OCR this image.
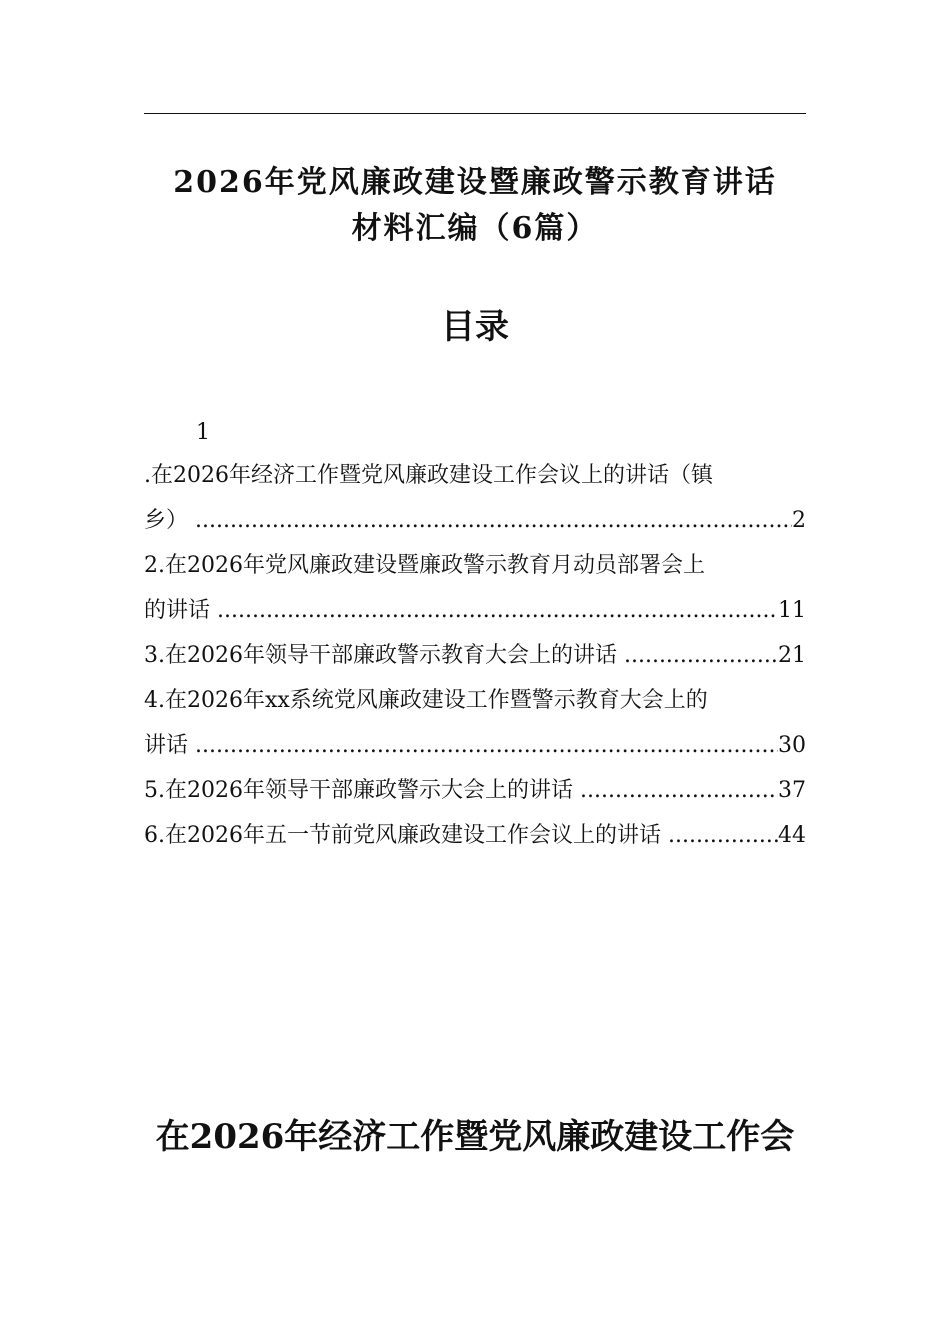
2026年党风廉政建设暨廉政警示教育讲话
材料汇编（6篇）
目录
1
.在2026年经济工作暨党风廉政建设工作会议上的讲话（镇
乡） .....	2
2.在2026年党风廉政建设暨廉政警示教育月动员部署会上
的讲话 .....	11
3.在2026年领导干部廉政警示教育大会上的讲话 .....	21
4.在2026年xx系统党风廉政建设工作暨警示教育大会上的
讲话 .....	30
5.在2026年领导干部廉政警示大会上的讲话 .....	37
6.在2026年五一节前党风廉政建设工作会议上的讲话 .....	44
在2026年经济工作暨党风廉政建设工作会
